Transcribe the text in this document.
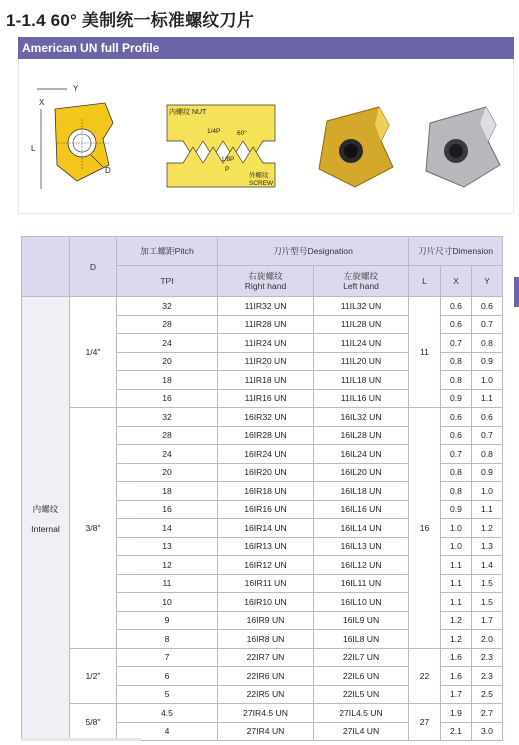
1-1.4 60° 美制统一标准螺纹刀片
American UN full Profile
L
X
Y
D
内螺纹 NUT
1/4P	60°
1/8P
P
外螺纹
SCREW
	D	加工螺距Pitch	刀片型号Designation		刀片尺寸Dimension		
		TPI	右旋螺纹
Right hand	左旋螺纹
Left hand	L	X	Y

内螺纹
Internal	1/4"	32	11IR32 UN	11IL32 UN	11	0.6	0.6
		28	11IR28 UN	11IL28 UN		0.6	0.7
		24	11IR24 UN	11IL24 UN		0.7	0.8
		20	11IR20 UN	11IL20 UN		0.8	0.9
		18	11IR18 UN	11IL18 UN		0.8	1.0
		16	11IR16 UN	11IL16 UN		0.9	1.1
	3/8"	32	16IR32 UN	16IL32 UN	16	0.6	0.6
		28	16IR28 UN	16IL28 UN		0.6	0.7
		24	16IR24 UN	16IL24 UN		0.7	0.8
		20	16IR20 UN	16IL20 UN		0.8	0.9
		18	16IR18 UN	16IL18 UN		0.8	1.0
		16	16IR16 UN	16IL16 UN		0.9	1.1
		14	16IR14 UN	16IL14 UN		1.0	1.2
		13	16IR13 UN	16IL13 UN		1.0	1.3
		12	16IR12 UN	16IL12 UN		1.1	1.4
		11	16IR11 UN	16IL11 UN		1.1	1.5
		10	16IR10 UN	16IL10 UN		1.1	1.5
		9	16IR9 UN	16IL9 UN		1.2	1.7
		8	16IR8 UN	16IL8 UN		1.2	2.0
	1/2"	7	22IR7 UN	22IL7 UN	22	1.6	2.3
		6	22IR6 UN	22IL6 UN		1.6	2.3
		5	22IR5 UN	22IL5 UN		1.7	2.5
	5/8"	4.5	27IR4.5 UN	27IL4.5 UN	27	1.9	2.7
		4	27IR4 UN	27IL4 UN		2.1	3.0
